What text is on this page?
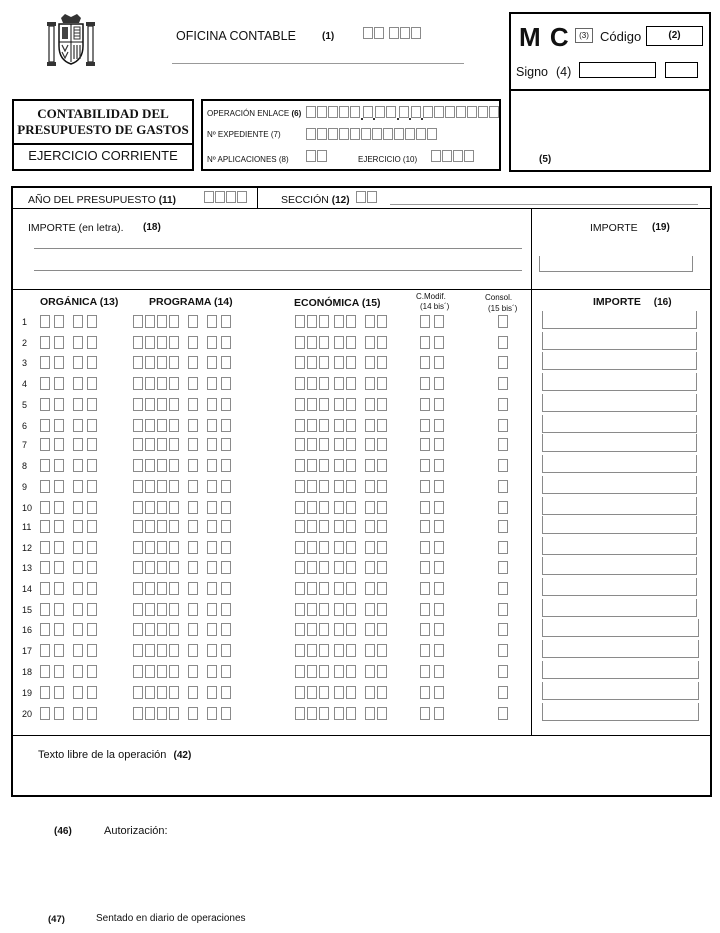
OFICINA CONTABLE	(1)	M C	(3) Código	(2)
Signo (4)
(5)
CONTABILIDAD DEL
PRESUPUESTO DE GASTOS
EJERCICIO CORRIENTE
OPERACIÓN ENLACE (6)
Nº EXPEDIENTE (7)
Nº APLICACIONES (8)	EJERCICIO (10)
AÑO DEL PRESUPUESTO (11)	SECCIÓN (12)
IMPORTE (en letra). (18)	IMPORTE (19)
ORGÁNICA (13)	PROGRAMA (14)	ECONÓMICA (15)
C.Modif.
(14 bis´)
Consol.
(15 bis´)
IMPORTE (16)
1
2
3
4
5
6
7
8
9
10
11
12
13
14
15
16
17
18
19
20
Texto libre de la operación (42)
(46)	Autorización:
(47)	Sentado en diario de operaciones
